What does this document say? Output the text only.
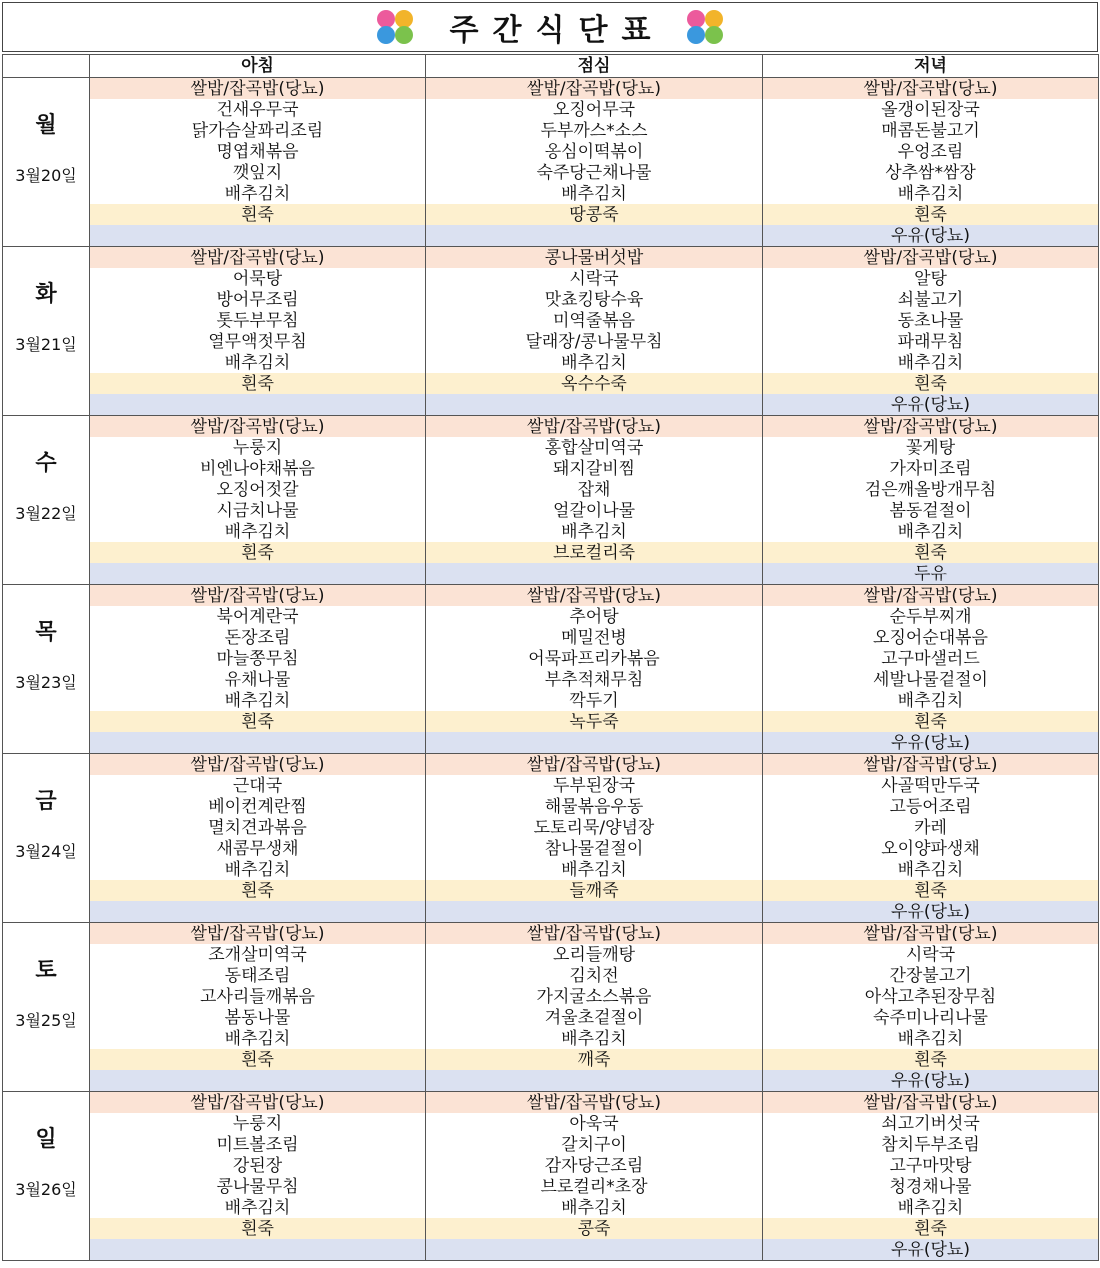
주간식단표
	아침	점심	저녁

월
3월20일	쌀밥/잡곡밥(당뇨)	쌀밥/잡곡밥(당뇨)	쌀밥/잡곡밥(당뇨)
	건새우무국	오징어무국	올갱이된장국
	닭가슴살꽈리조림	두부까스*소스	매콤돈불고기
	명엽채볶음	옹심이떡볶이	우엉조림
	깻잎지	숙주당근채나물	상추쌈*쌈장
	배추김치	배추김치	배추김치
	흰죽	땅콩죽	흰죽
			우유(당뇨)

화
3월21일	쌀밥/잡곡밥(당뇨)	콩나물버섯밥	쌀밥/잡곡밥(당뇨)
	어묵탕	시락국	알탕
	방어무조림	맛쵸킹탕수육	쇠불고기
	톳두부무침	미역줄볶음	동초나물
	열무액젓무침	달래장/콩나물무침	파래무침
	배추김치	배추김치	배추김치
	흰죽	옥수수죽	흰죽
			우유(당뇨)

수
3월22일	쌀밥/잡곡밥(당뇨)	쌀밥/잡곡밥(당뇨)	쌀밥/잡곡밥(당뇨)
	누룽지	홍합살미역국	꽃게탕
	비엔나야채볶음	돼지갈비찜	가자미조림
	오징어젓갈	잡채	검은깨올방개무침
	시금치나물	얼갈이나물	봄동겉절이
	배추김치	배추김치	배추김치
	흰죽	브로컬리죽	흰죽
			두유

목
3월23일	쌀밥/잡곡밥(당뇨)	쌀밥/잡곡밥(당뇨)	쌀밥/잡곡밥(당뇨)
	북어계란국	추어탕	순두부찌개
	돈장조림	메밀전병	오징어순대볶음
	마늘쫑무침	어묵파프리카볶음	고구마샐러드
	유채나물	부추적채무침	세발나물겉절이
	배추김치	깍두기	배추김치
	흰죽	녹두죽	흰죽
			우유(당뇨)

금
3월24일	쌀밥/잡곡밥(당뇨)	쌀밥/잡곡밥(당뇨)	쌀밥/잡곡밥(당뇨)
	근대국	두부된장국	사골떡만두국
	베이컨계란찜	해물볶음우동	고등어조림
	멸치견과볶음	도토리묵/양념장	카레
	새콤무생채	참나물겉절이	오이양파생채
	배추김치	배추김치	배추김치
	흰죽	들깨죽	흰죽
			우유(당뇨)

토
3월25일	쌀밥/잡곡밥(당뇨)	쌀밥/잡곡밥(당뇨)	쌀밥/잡곡밥(당뇨)
	조개살미역국	오리들깨탕	시락국
	동태조림	김치전	간장불고기
	고사리들깨볶음	가지굴소스볶음	아삭고추된장무침
	봄동나물	겨울초겉절이	숙주미나리나물
	배추김치	배추김치	배추김치
	흰죽	깨죽	흰죽
			우유(당뇨)

일
3월26일	쌀밥/잡곡밥(당뇨)	쌀밥/잡곡밥(당뇨)	쌀밥/잡곡밥(당뇨)
	누룽지	아욱국	쇠고기버섯국
	미트볼조림	갈치구이	참치두부조림
	강된장	감자당근조림	고구마맛탕
	콩나물무침	브로컬리*초장	청경채나물
	배추김치	배추김치	배추김치
	흰죽	콩죽	흰죽
			우유(당뇨)
